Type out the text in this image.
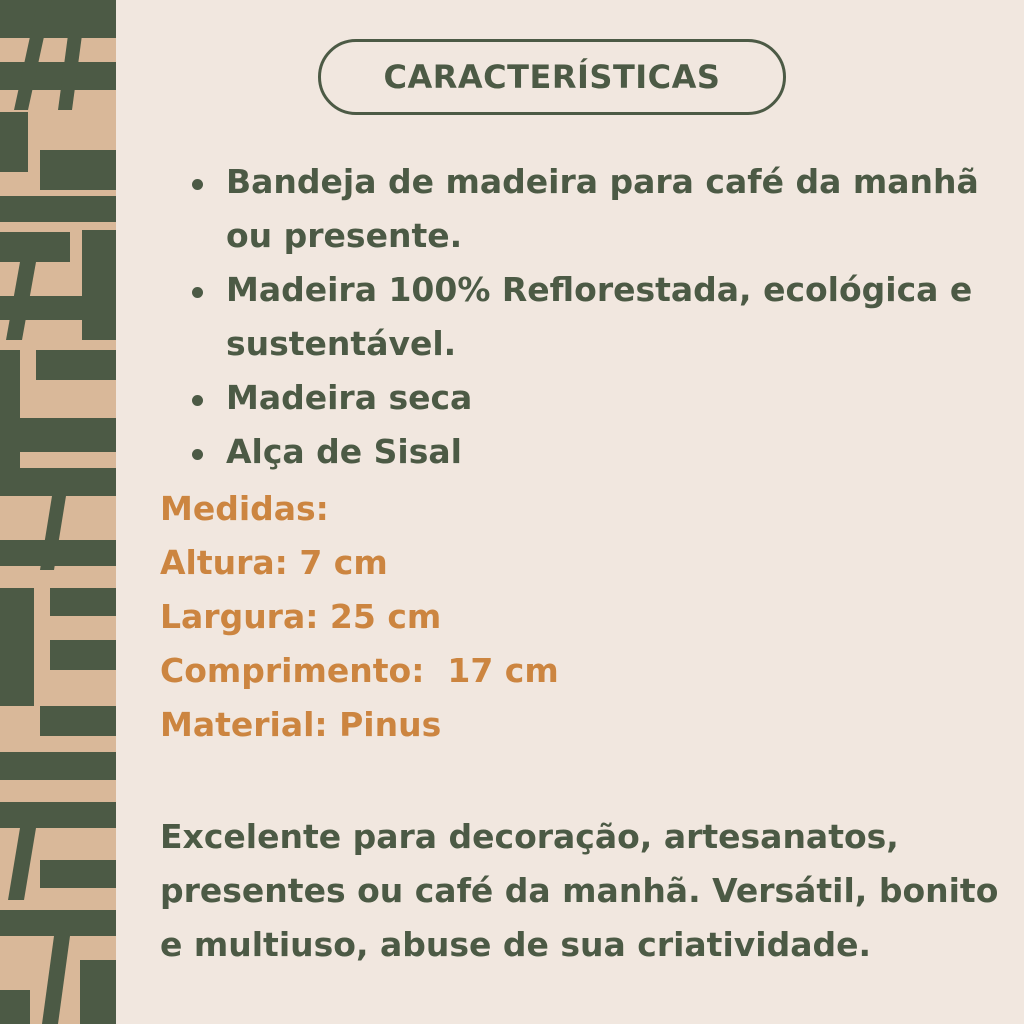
CARACTERÍSTICAS
Bandeja de madeira para café da manhã ou presente.
Madeira 100% Reflorestada, ecológica e sustentável.
Madeira seca
Alça de Sisal
Medidas:
Altura: 7 cm
Largura: 25 cm
Comprimento:  17 cm
Material: Pinus
Excelente para decoração, artesanatos, presentes ou café da manhã. Versátil, bonito e multiuso, abuse de sua criatividade.
